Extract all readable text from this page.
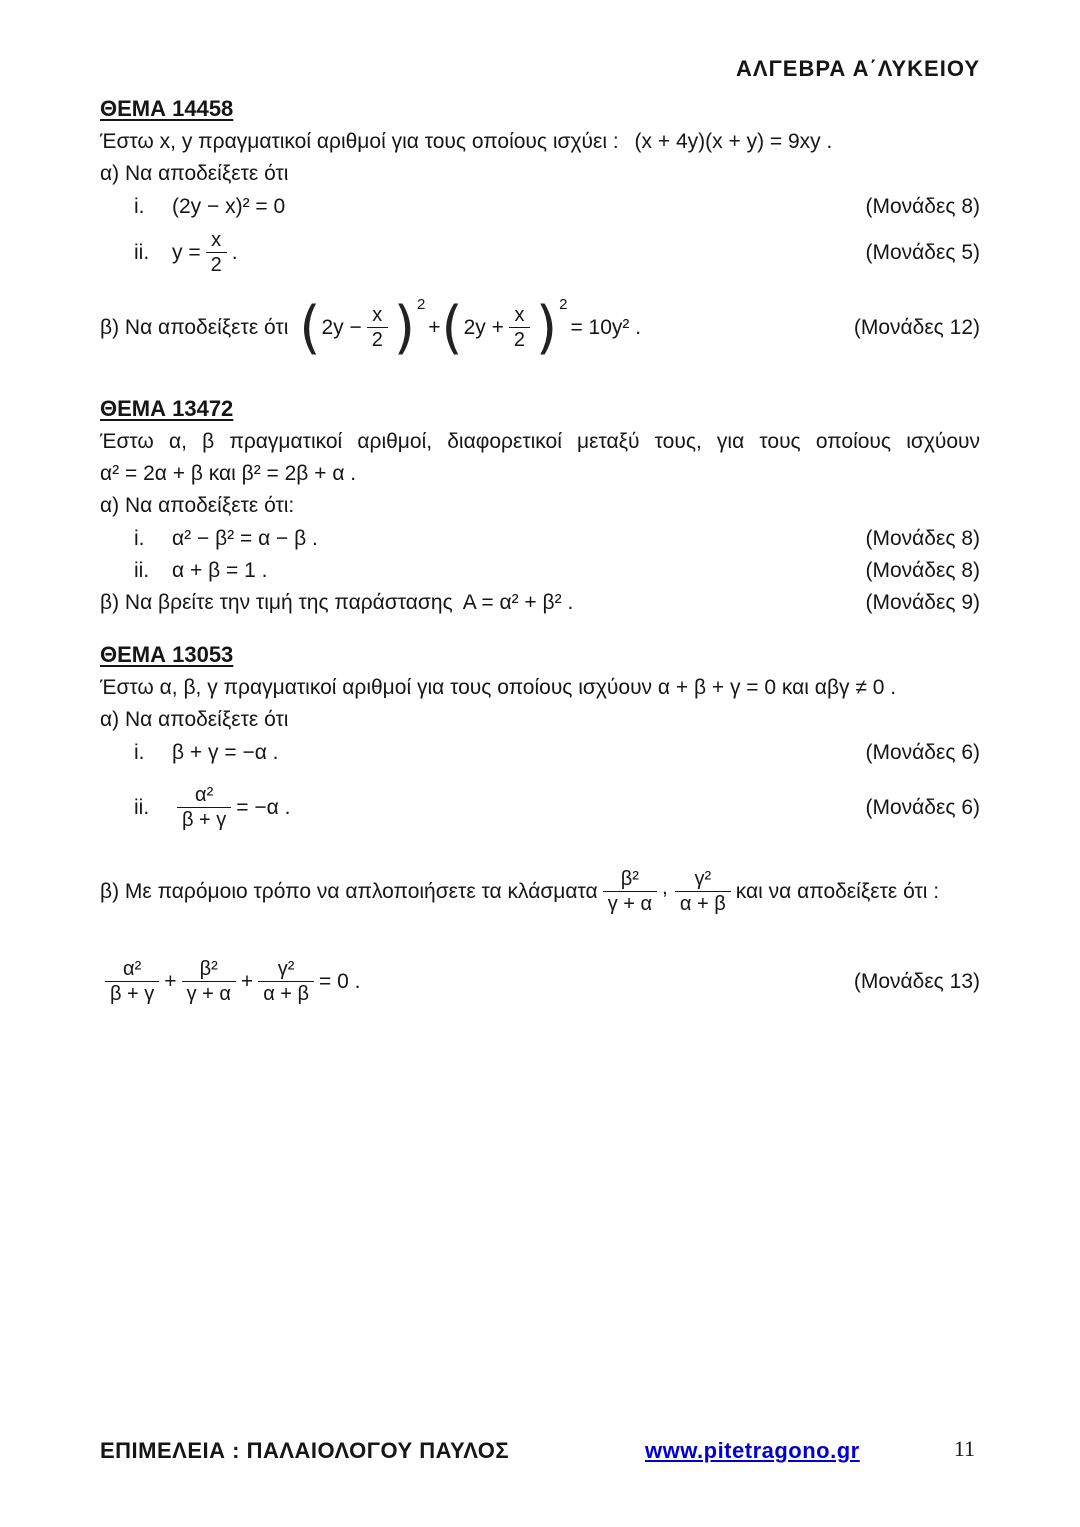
ΑΛΓΕΒΡΑ Α΄ΛΥΚΕΙΟΥ
ΘΕΜΑ 14458
Έστω x, y πραγματικοί αριθμοί για τους οποίους ισχύει : (x + 4y)(x + y) = 9xy .
α) Να αποδείξετε ότι
i.	(2y − x)² = 0	(Μονάδες 8)
ii.	$y = \frac{x}{2}$ .	(Μονάδες 5)
β) Να αποδείξετε ότι ( $2y - \frac{x}{2}$ ) 2
+ ( $2y + \frac{x}{2}$ ) 2
= 10y² .	(Μονάδες 12)
ΘΕΜΑ 13472
Έστω α, β πραγματικοί αριθμοί, διαφορετικοί μεταξύ τους, για τους οποίους ισχύουν
α² = 2α + β και β² = 2β + α .
α) Να αποδείξετε ότι:
i.	α² − β² = α − β .	(Μονάδες 8)
ii.	α + β = 1 .	(Μονάδες 8)
β) Να βρείτε την τιμή της παράστασης A = α² + β² .	(Μονάδες 9)
ΘΕΜΑ 13053
Έστω α, β, γ πραγματικοί αριθμοί για τους οποίους ισχύουν α + β + γ = 0 και αβγ ≠ 0 .
α) Να αποδείξετε ότι
i.	β + γ = −α .	(Μονάδες 6)
ii.	$\frac{\text{α²}}{\beta + \gamma} = -\alpha$ .	(Μονάδες 6)
β) Με παρόμοιο τρόπο να απλοποιήσετε τα κλάσματα $\frac{\text{β²}}{\gamma + \alpha}$ , $\frac{\text{γ²}}{\alpha + \beta}$ και να αποδείξετε ότι :
$\frac{\text{α²}}{\beta + \gamma} + \frac{\text{β²}}{\gamma + \alpha} + \frac{\text{γ²}}{\alpha + \beta} = 0$ .	(Μονάδες 13)
ΕΠΙΜΕΛΕΙΑ : ΠΑΛΑΙΟΛΟΓΟΥ ΠΑΥΛΟΣ	www.pitetragono.gr	11
